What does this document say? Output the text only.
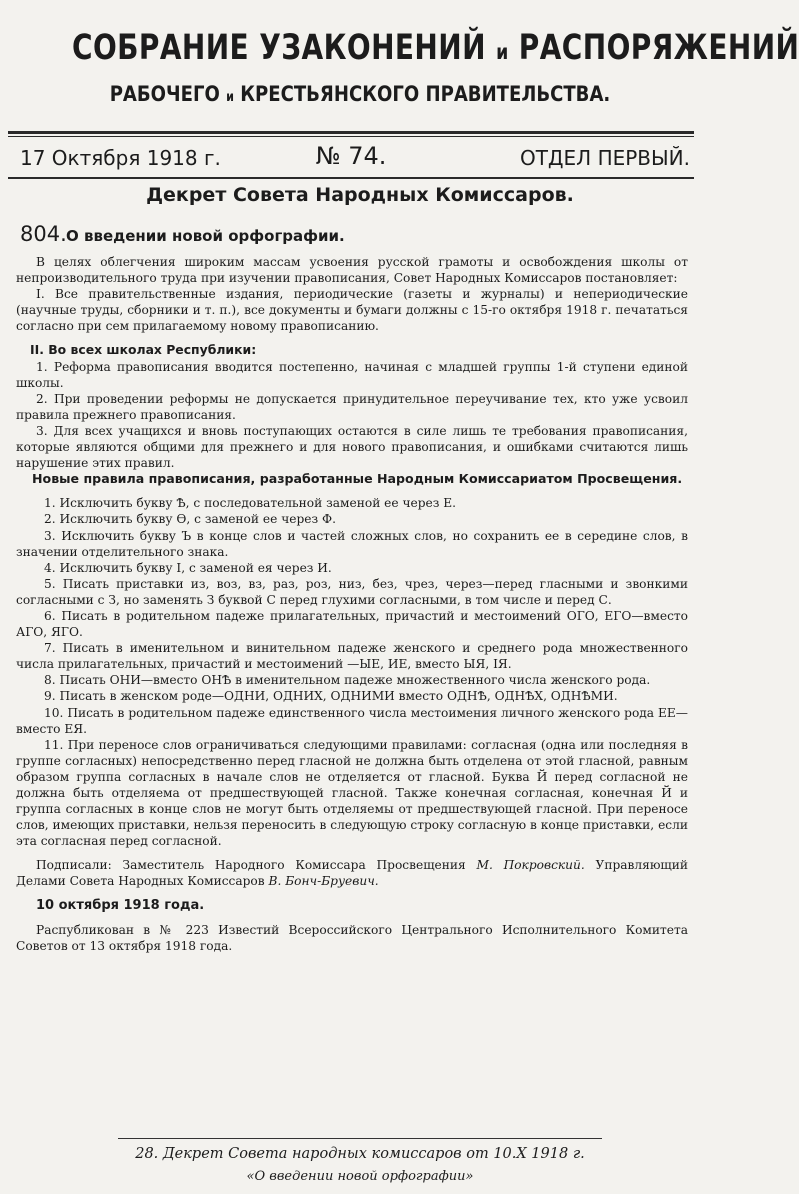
СОБРАНИЕ УЗАКОНЕНИЙ и РАСПОРЯЖЕНИЙ
РАБОЧЕГО и КРЕСТЬЯНСКОГО ПРАВИТЕЛЬСТВА.
17 Октября 1918 г.	№ 74.	ОТДЕЛ ПЕРВЫЙ.
Декрет Совета Народных Комиссаров.
804. О введении новой орфографии.

В целях облегчения широким массам усвоения русской грамоты и освобождения школы от непроизводительного труда при изучении правописания, Совет Народных Комиссаров постановляет:

I. Все правительственные издания, периодические (газеты и журналы) и непериодические (научные труды, сборники и т. п.), все документы и бумаги должны с 15-го октября 1918 г. печататься согласно при сем прилагаемому новому правописанию.

II. Во всех школах Республики:

1. Реформа правописания вводится постепенно, начиная с младшей группы 1-й ступени единой школы.

2. При проведении реформы не допускается принудительное переучивание тех, кто уже усвоил правила прежнего правописания.

3. Для всех учащихся и вновь поступающих остаются в силе лишь те требования правописания, которые являются общими для прежнего и для нового правописания, и ошибками считаются лишь нарушение этих правил.

Новые правила правописания, разработанные Народным Комиссариатом Просвещения.

1. Исключить букву Ѣ, с последовательной заменой ее через Е.
2. Исключить букву Ѳ, с заменой ее через Ф.
3. Исключить букву Ъ в конце слов и частей сложных слов, но сохранить ее в середине слов, в значении отделительного знака.
4. Исключить букву І, с заменой ея через И.
5. Писать приставки из, воз, вз, раз, роз, низ, без, чрез, через—перед гласными и звонкими согласными с З, но заменять З буквой С перед глухими согласными, в том числе и перед С.
6. Писать в родительном падеже прилагательных, причастий и местоимений ОГО, ЕГО—вместо АГО, ЯГО.
7. Писать в именительном и винительном падеже женского и среднего рода множественного числа прилагательных, причастий и местоимений —ЫЕ, ИЕ, вместо ЫЯ, ІЯ.
8. Писать ОНИ—вместо ОНѢ в именительном падеже множественного числа женского рода.
9. Писать в женском роде—ОДНИ, ОДНИХ, ОДНИМИ вместо ОДНѢ, ОДНѢХ, ОДНѢМИ.
10. Писать в родительном падеже единственного числа местоимения личного женского рода ЕЕ—вместо ЕЯ.
11. При переносе слов ограничиваться следующими правилами: согласная (одна или последняя в группе согласных) непосредственно перед гласной не должна быть отделена от этой гласной, равным образом группа согласных в начале слов не отделяется от гласной. Буква Й перед согласной не должна быть отделяема от предшествующей гласной. Также конечная согласная, конечная Й и группа согласных в конце слов не могут быть отделяемы от предшествующей гласной. При переносе слов, имеющих приставки, нельзя переносить в следующую строку согласную в конце приставки, если эта согласная перед согласной.

Подписали: Заместитель Народного Комиссара Просвещения М. Покровский. Управляющий Делами Совета Народных Комиссаров В. Бонч-Бруевич.

10 октября 1918 года.

Распубликован в № 223 Известий Всероссийского Центрального Исполнительного Комитета Советов от 13 октября 1918 года.

28. Декрет Совета народных комиссаров от 10.X 1918 г.
«О введении новой орфографии»
